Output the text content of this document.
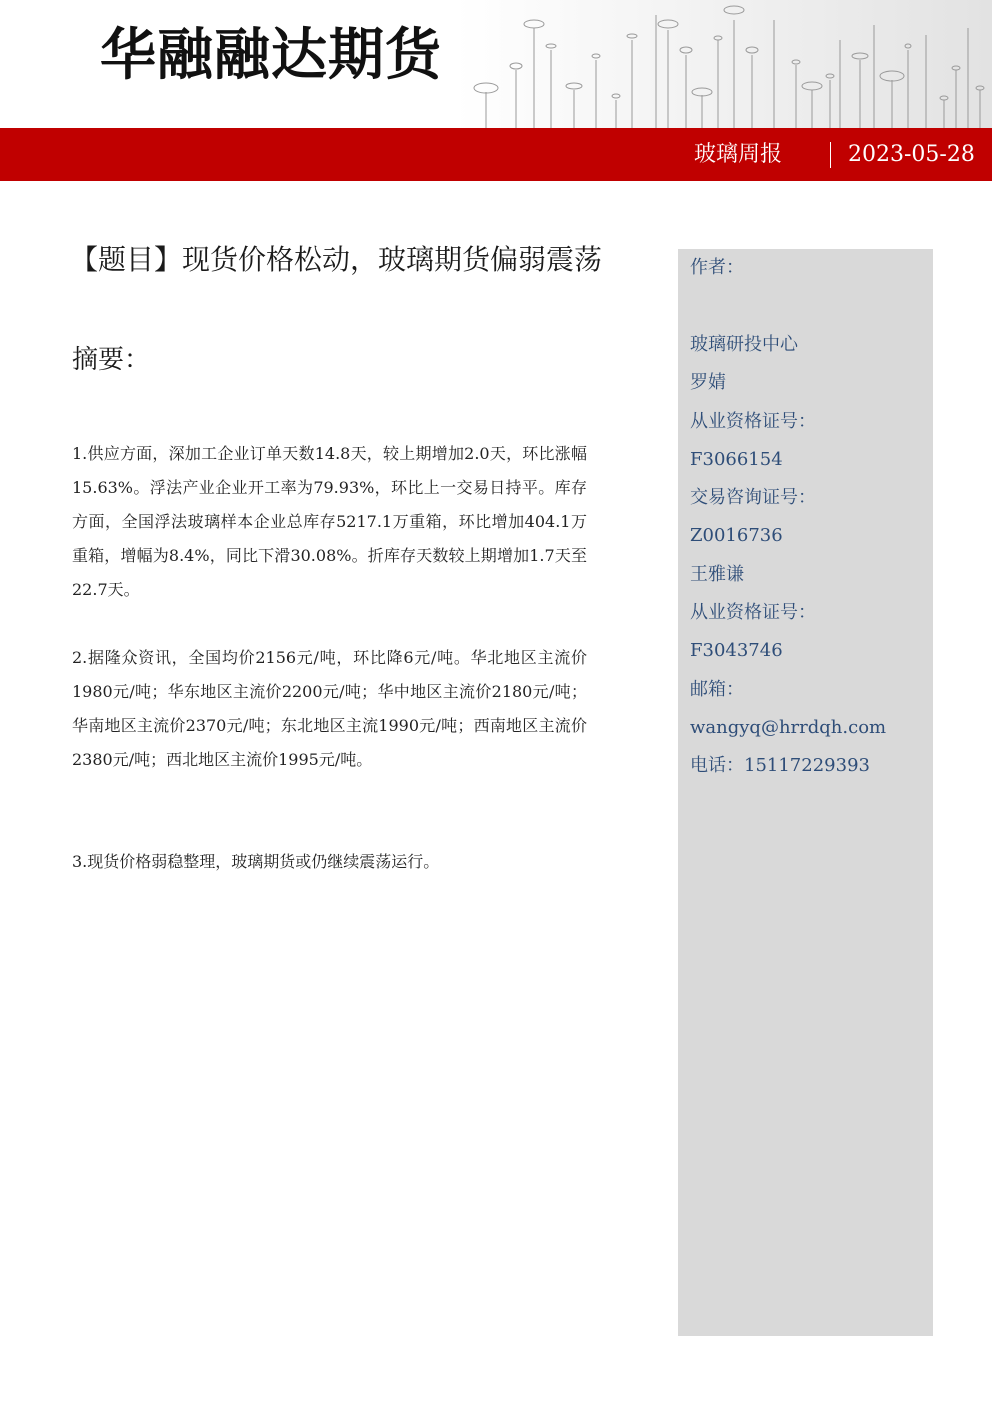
华融融达期货
玻璃周报	2023-05-28
【题目】现货价格松动，玻璃期货偏弱震荡
摘要：
1.供应方面，深加工企业订单天数14.8天，较上期增加2.0天，环比涨幅15.63%。浮法产业企业开工率为79.93%，环比上一交易日持平。库存方面，全国浮法玻璃样本企业总库存5217.1万重箱，环比增加404.1万重箱，增幅为8.4%，同比下滑30.08%。折库存天数较上期增加1.7天至22.7天。
2.据隆众资讯，全国均价2156元/吨，环比降6元/吨。华北地区主流价1980元/吨；华东地区主流价2200元/吨；华中地区主流价2180元/吨；华南地区主流价2370元/吨；东北地区主流1990元/吨；西南地区主流价2380元/吨；西北地区主流价1995元/吨。
3.现货价格弱稳整理，玻璃期货或仍继续震荡运行。
作者：
玻璃研投中心
罗婧
从业资格证号：
F3066154
交易咨询证号：
Z0016736
王雅谦
从业资格证号：
F3043746
邮箱：
wangyq@hrrdqh.com
电话：15117229393
